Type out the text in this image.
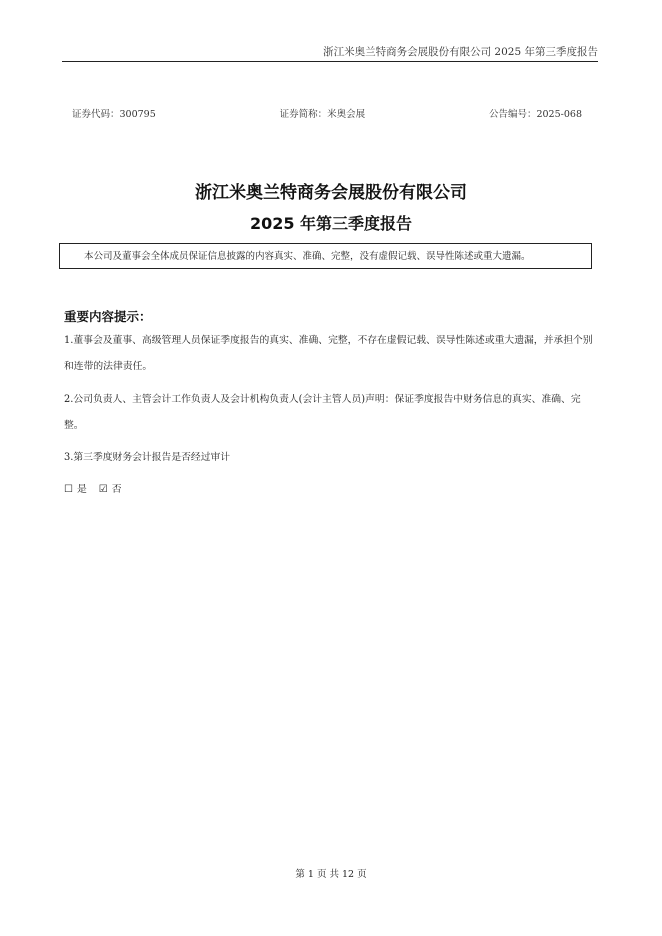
浙江米奥兰特商务会展股份有限公司 2025 年第三季度报告
证券代码：300795	证券简称：米奥会展	公告编号：2025-068
浙江米奥兰特商务会展股份有限公司
2025 年第三季度报告
本公司及董事会全体成员保证信息披露的内容真实、准确、完整，没有虚假记载、误导性陈述或重大遗漏。
重要内容提示：
1.董事会及董事、高级管理人员保证季度报告的真实、准确、完整，不存在虚假记载、误导性陈述或重大遗漏，并承担个别和连带的法律责任。
2.公司负责人、主管会计工作负责人及会计机构负责人(会计主管人员)声明：保证季度报告中财务信息的真实、准确、完整。
3.第三季度财务会计报告是否经过审计
☐ 是 ☑ 否
第 1 页 共 12 页
